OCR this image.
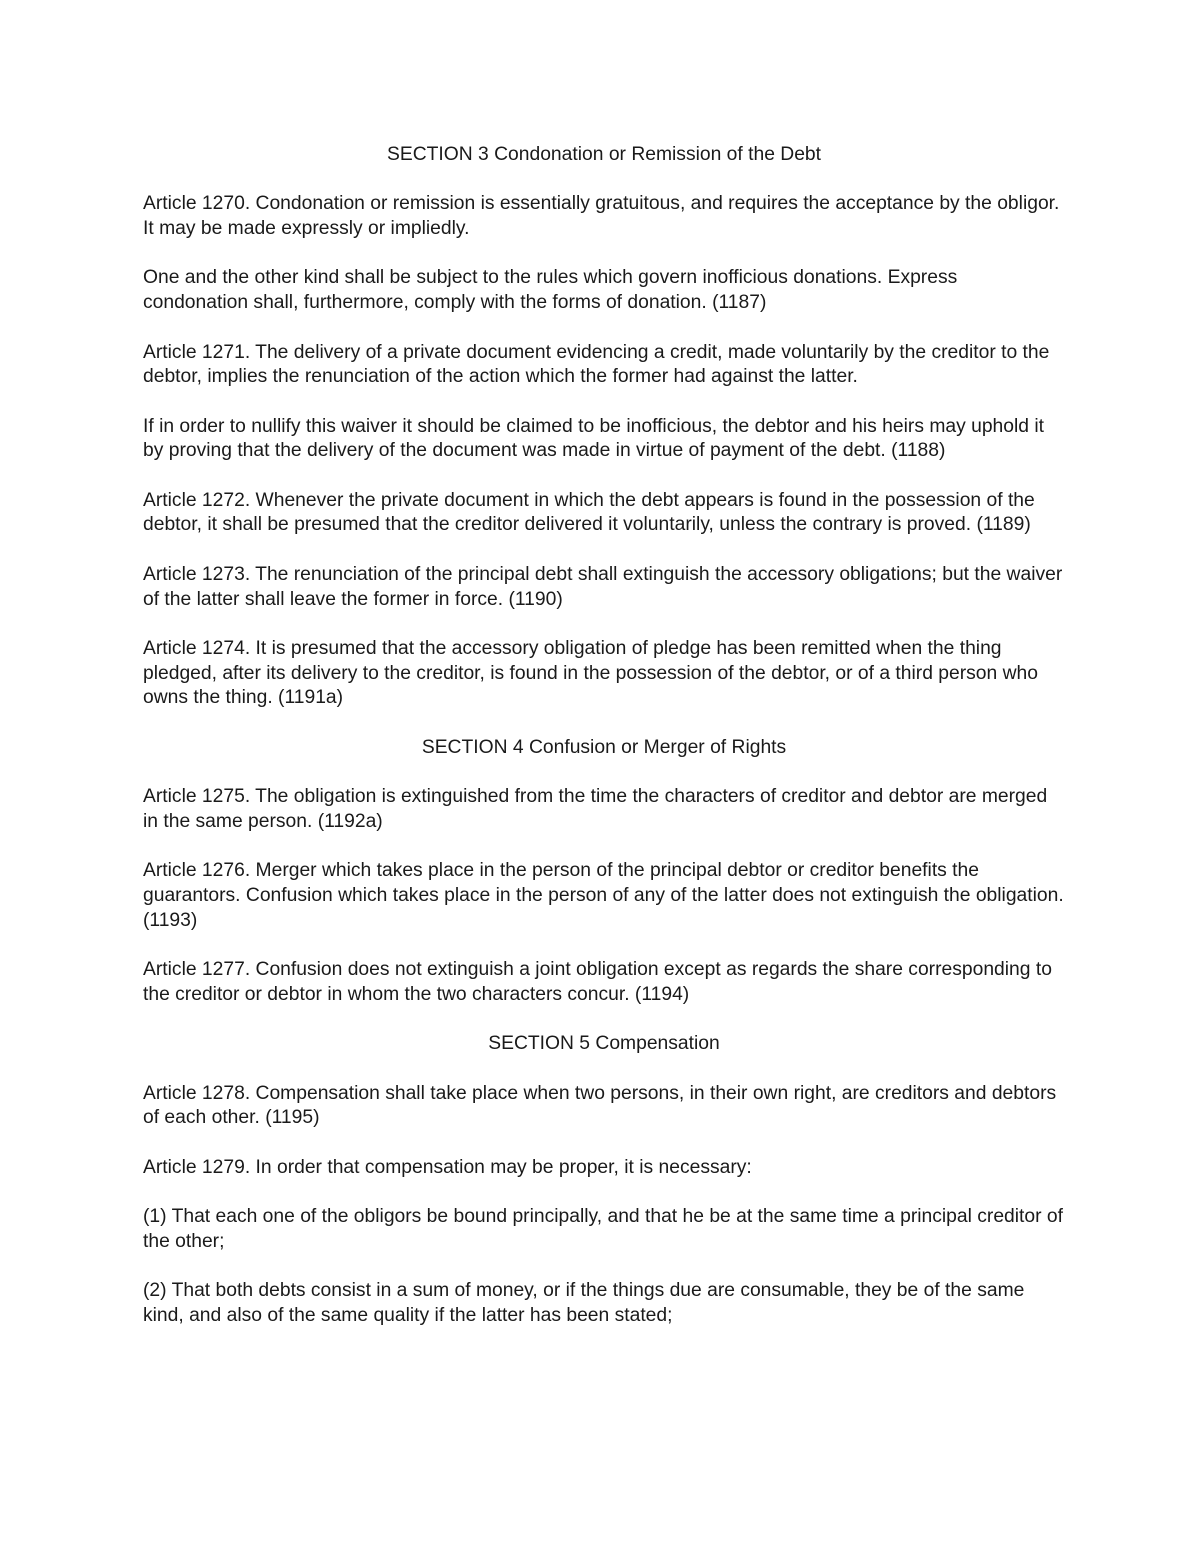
SECTION 3 Condonation or Remission of the Debt

Article 1270. Condonation or remission is essentially gratuitous, and requires the acceptance by the obligor. It may be made expressly or impliedly.

One and the other kind shall be subject to the rules which govern inofficious donations. Express condonation shall, furthermore, comply with the forms of donation. (1187)

Article 1271. The delivery of a private document evidencing a credit, made voluntarily by the creditor to the debtor, implies the renunciation of the action which the former had against the latter.

If in order to nullify this waiver it should be claimed to be inofficious, the debtor and his heirs may uphold it by proving that the delivery of the document was made in virtue of payment of the debt. (1188)

Article 1272. Whenever the private document in which the debt appears is found in the possession of the debtor, it shall be presumed that the creditor delivered it voluntarily, unless the contrary is proved. (1189)

Article 1273. The renunciation of the principal debt shall extinguish the accessory obligations; but the waiver of the latter shall leave the former in force. (1190)

Article 1274. It is presumed that the accessory obligation of pledge has been remitted when the thing pledged, after its delivery to the creditor, is found in the possession of the debtor, or of a third person who owns the thing. (1191a)

SECTION 4 Confusion or Merger of Rights

Article 1275. The obligation is extinguished from the time the characters of creditor and debtor are merged in the same person. (1192a)

Article 1276. Merger which takes place in the person of the principal debtor or creditor benefits the guarantors. Confusion which takes place in the person of any of the latter does not extinguish the obligation. (1193)

Article 1277. Confusion does not extinguish a joint obligation except as regards the share corresponding to the creditor or debtor in whom the two characters concur. (1194)

SECTION 5 Compensation

Article 1278. Compensation shall take place when two persons, in their own right, are creditors and debtors of each other. (1195)

Article 1279. In order that compensation may be proper, it is necessary:

(1) That each one of the obligors be bound principally, and that he be at the same time a principal creditor of the other;

(2) That both debts consist in a sum of money, or if the things due are consumable, they be of the same kind, and also of the same quality if the latter has been stated;
